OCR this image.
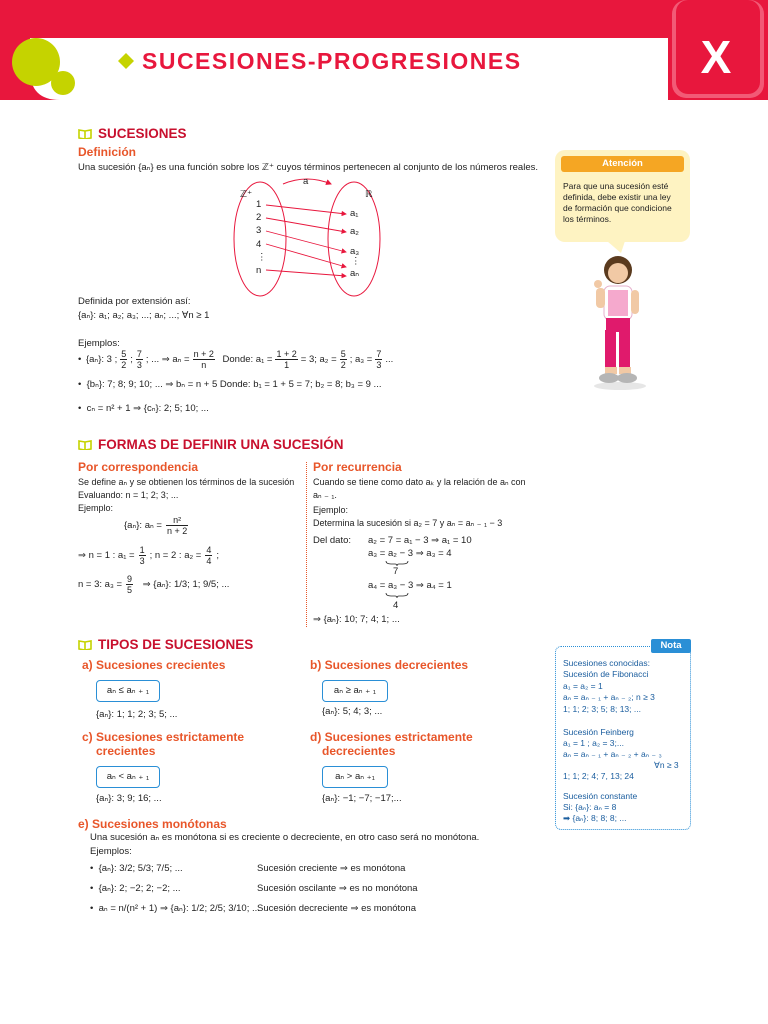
SUCESIONES-PROGRESIONES	X
SUCESIONES
Definición
Una sucesión {aₙ} es una función sobre los ℤ⁺ cuyos términos pertenecen al conjunto de los números reales.
a
ℤ⁺	ℝ
1
2
3
4
⋮
n
a₁
a₂
a₃
⋮
aₙ
Definida por extensión así:
{aₙ}: a₁; a₂; a₃; ...; aₙ; ...; ∀n ≥ 1
Ejemplos:
• {aₙ}: 3 ; $\frac{5}{2}$ ; $\frac{7}{3}$ ; ... ⇒ $a_n = \frac{n + 2}{n}$
Donde: $a_1 = \frac{1 + 2}{1} = 3$; $a_2 = \frac{5}{2}$ ; $a_3 = \frac{7}{3}$ ...
•  {bₙ}: 7; 8; 9; 10; ... ⇒ bₙ = n + 5 Donde: b₁ = 1 + 5 = 7; b₂ = 8; b₃ = 9 ...
•  cₙ = n² + 1 ⇒ {cₙ}: 2; 5; 10; ...
Atención
Para que una sucesión esté
definida, debe existir una ley
de formación que condicione
los términos.
FORMAS DE DEFINIR UNA SUCESIÓN
Por correspondencia
Se define aₙ y se obtienen los términos de la sucesión
Evaluando: n = 1; 2; 3; ...
Ejemplo:
{aₙ}: $a_n = \frac{\text{n²}}{n + 2}$
⇒ n = 1 : $a_1 = \frac{1}{3}$ ; n = 2 : $a_2 = \frac{4}{4}$ ;
n = 3: $a_3 = \frac{9}{5}$
⇒ {aₙ}: 1/3; 1; 9/5; ...
Por recurrencia
Cuando se tiene como dato aₖ y la relación de aₙ con
aₙ ₋ ₁.
Ejemplo:
Determina la sucesión si a₂ = 7 y aₙ = aₙ ₋ ₁ − 3
Del dato: a₂ = 7 = a₁ − 3 ⇒ a₁ = 10
a₃ = a₂ − 3 ⇒ a₃ = 4
7
a₄ = a₃ − 3 ⇒ a₄ = 1
4
⇒ {aₙ}: 10; 7; 4; 1; ...
TIPOS DE SUCESIONES
a) Sucesiones crecientes
aₙ ≤ aₙ ₊ ₁
{aₙ}: 1; 1; 2; 3; 5; ...
b) Sucesiones decrecientes
aₙ ≥ aₙ ₊ ₁
{aₙ}: 5; 4; 3; ...
c) Sucesiones estrictamente
crecientes
aₙ < aₙ ₊ ₁
{aₙ}: 3; 9; 16; ...
d) Sucesiones estrictamente
decrecientes
aₙ > aₙ ₊₁
{aₙ}: −1; −7; −17;...
e) Sucesiones monótonas
Una sucesión aₙ es monótona si es creciente o decreciente, en otro caso será no monótona.
Ejemplos:
•  {aₙ}: 3/2; 5/3; 7/5; ...	Sucesión creciente ⇒ es monótona
•  {aₙ}: 2; −2; 2; −2; ...	Sucesión oscilante ⇒ es no monótona
•  aₙ = n/(n² + 1) ⇒ {aₙ}: 1/2; 2/5; 3/10; ...
Sucesión decreciente ⇒ es monótona
Nota
Sucesiones conocidas:
Sucesión de Fibonacci
a₁ = a₂ = 1
aₙ = aₙ ₋ ₁ + aₙ ₋ ₂; n ≥ 3
1; 1; 2; 3; 5; 8; 13; ...
Sucesión Feinberg
a₁ = 1 ; a₂ = 3;...
aₙ = aₙ ₋ ₁ + aₙ ₋ ₂ + aₙ ₋ ₃
∀n ≥ 3
1; 1; 2; 4; 7, 13; 24
Sucesión constante
Si: {aₙ}: aₙ = 8
➡ {aₙ}: 8; 8; 8; ...
